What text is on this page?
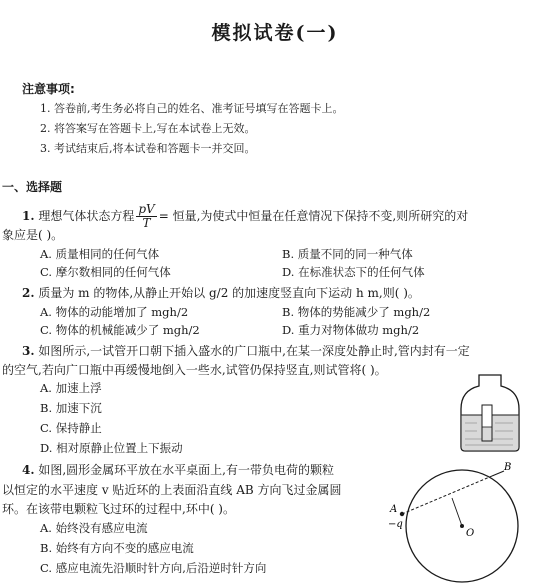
模拟试卷(一)
注意事项:
1. 答卷前,考生务必将自己的姓名、准考证号填写在答题卡上。
2. 将答案写在答题卡上,写在本试卷上无效。
3. 考试结束后,将本试卷和答题卡一并交回。
一、选择题
1. 理想气体状态方程 $\frac{pV}{T}$ = 恒量,为使式中恒量在任意情况下保持不变,则所研究的对
象应是( )。
A. 质量相同的任何气体	B. 质量不同的同一种气体
C. 摩尔数相同的任何气体	D. 在标准状态下的任何气体
2. 质量为 m 的物体,从静止开始以 g/2 的加速度竖直向下运动 h m,则( )。
A. 物体的动能增加了 mgh/2	B. 物体的势能减少了 mgh/2
C. 物体的机械能减少了 mgh/2	D. 重力对物体做功 mgh/2
3. 如图所示,一试管开口朝下插入盛水的广口瓶中,在某一深度处静止时,管内封有一定
的空气,若向广口瓶中再缓慢地倒入一些水,试管仍保持竖直,则试管将( )。
A. 加速上浮
B. 加速下沉
C. 保持静止
D. 相对原静止位置上下振动
4. 如图,圆形金属环平放在水平桌面上,有一带负电荷的颗粒
以恒定的水平速度 v 贴近环的上表面沿直线 AB 方向飞过金属圆
环。在该带电颗粒飞过环的过程中,环中( )。
A. 始终没有感应电流
B. 始终有方向不变的感应电流
C. 感应电流先沿顺时针方向,后沿逆时针方向
A
−q
B
O
